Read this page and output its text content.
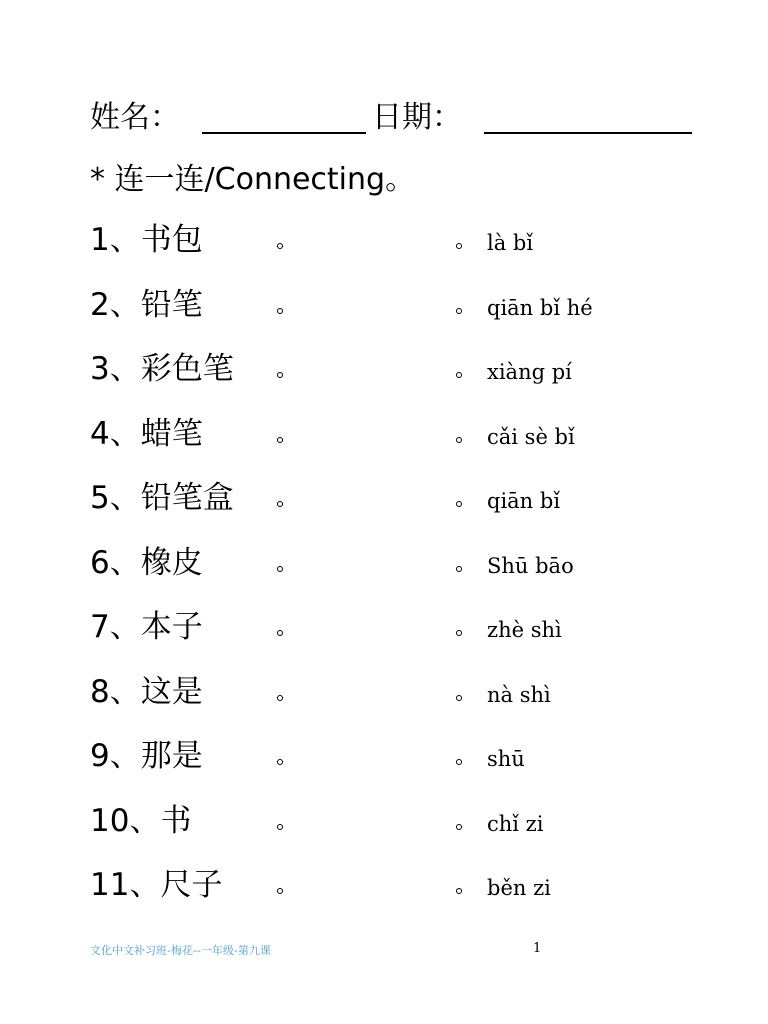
姓名：	日期：
* 连一连/Connecting。
1、书包	là bǐ
2、铅笔	qiān bǐ hé
3、彩色笔	xiàng pí
4、蜡笔	cǎi sè bǐ
5、铅笔盒	qiān bǐ
6、橡皮	Shū bāo
7、本子	zhè shì
8、这是	nà shì
9、那是	shū
10、书	chǐ zi
11、尺子	běn zi
文化中文补习班-梅花--一年级-第九课	1
